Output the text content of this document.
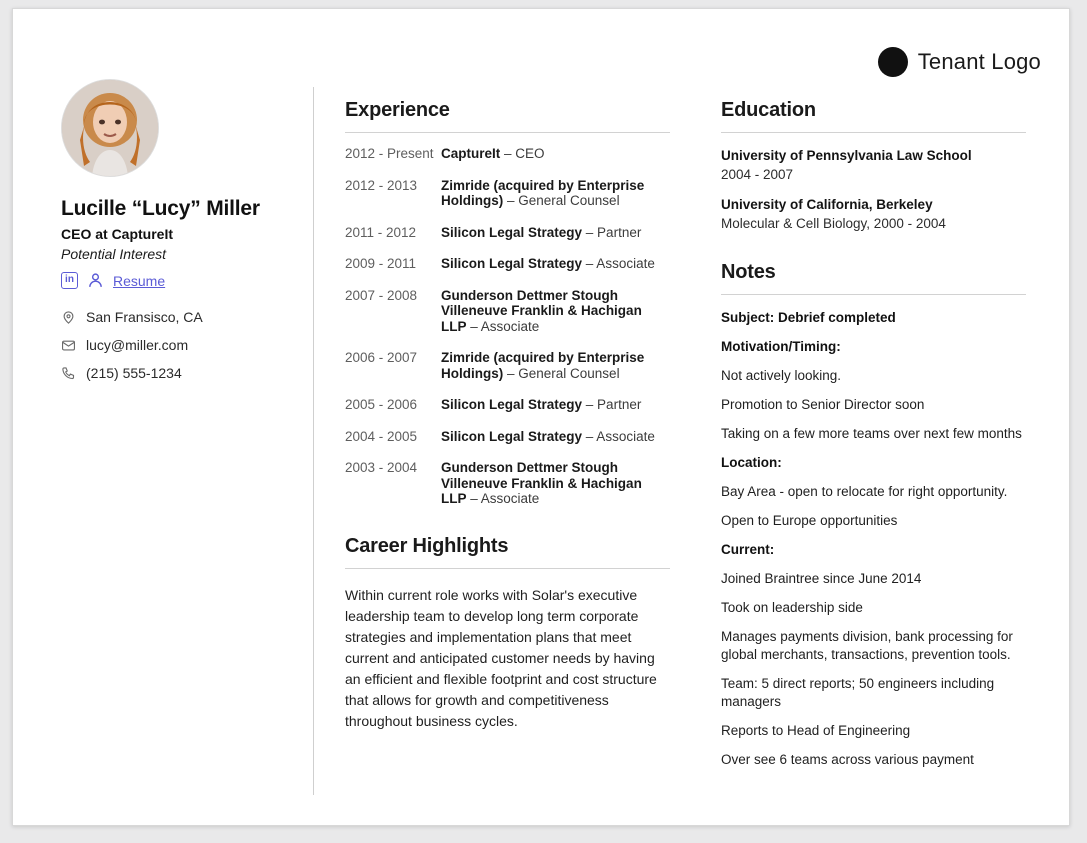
Tenant Logo
Lucille “Lucy” Miller
CEO at CaptureIt
Potential Interest
in	Resume
San Fransisco, CA
lucy@miller.com
(215) 555-1234
Experience
2012 - Present CaptureIt – CEO
2012 - 2013	Zimride (acquired by Enterprise Holdings) – General Counsel
2011 - 2012	Silicon Legal Strategy – Partner
2009 - 2011	Silicon Legal Strategy – Associate
2007 - 2008	Gunderson Dettmer Stough Villeneuve Franklin & Hachigan LLP – Associate
2006 - 2007	Zimride (acquired by Enterprise Holdings) – General Counsel
2005 - 2006	Silicon Legal Strategy – Partner
2004 - 2005	Silicon Legal Strategy – Associate
2003 - 2004	Gunderson Dettmer Stough Villeneuve Franklin & Hachigan LLP – Associate
Career Highlights
Within current role works with Solar's executive leadership team to develop long term corporate strategies and implementation plans that meet current and anticipated customer needs by having an efficient and flexible footprint and cost structure that allows for growth and competitiveness throughout business cycles.
Education
University of Pennsylvania Law School
2004 - 2007
University of California, Berkeley
Molecular & Cell Biology, 2000 - 2004
Notes
Subject: Debrief completed
Motivation/Timing:
Not actively looking.
Promotion to Senior Director soon
Taking on a few more teams over next few months
Location:
Bay Area - open to relocate for right opportunity.
Open to Europe opportunities
Current:
Joined Braintree since June 2014
Took on leadership side
Manages payments division, bank processing for global merchants, transactions, prevention tools.
Team: 5 direct reports; 50 engineers including managers
Reports to Head of Engineering
Over see 6 teams across various payment
